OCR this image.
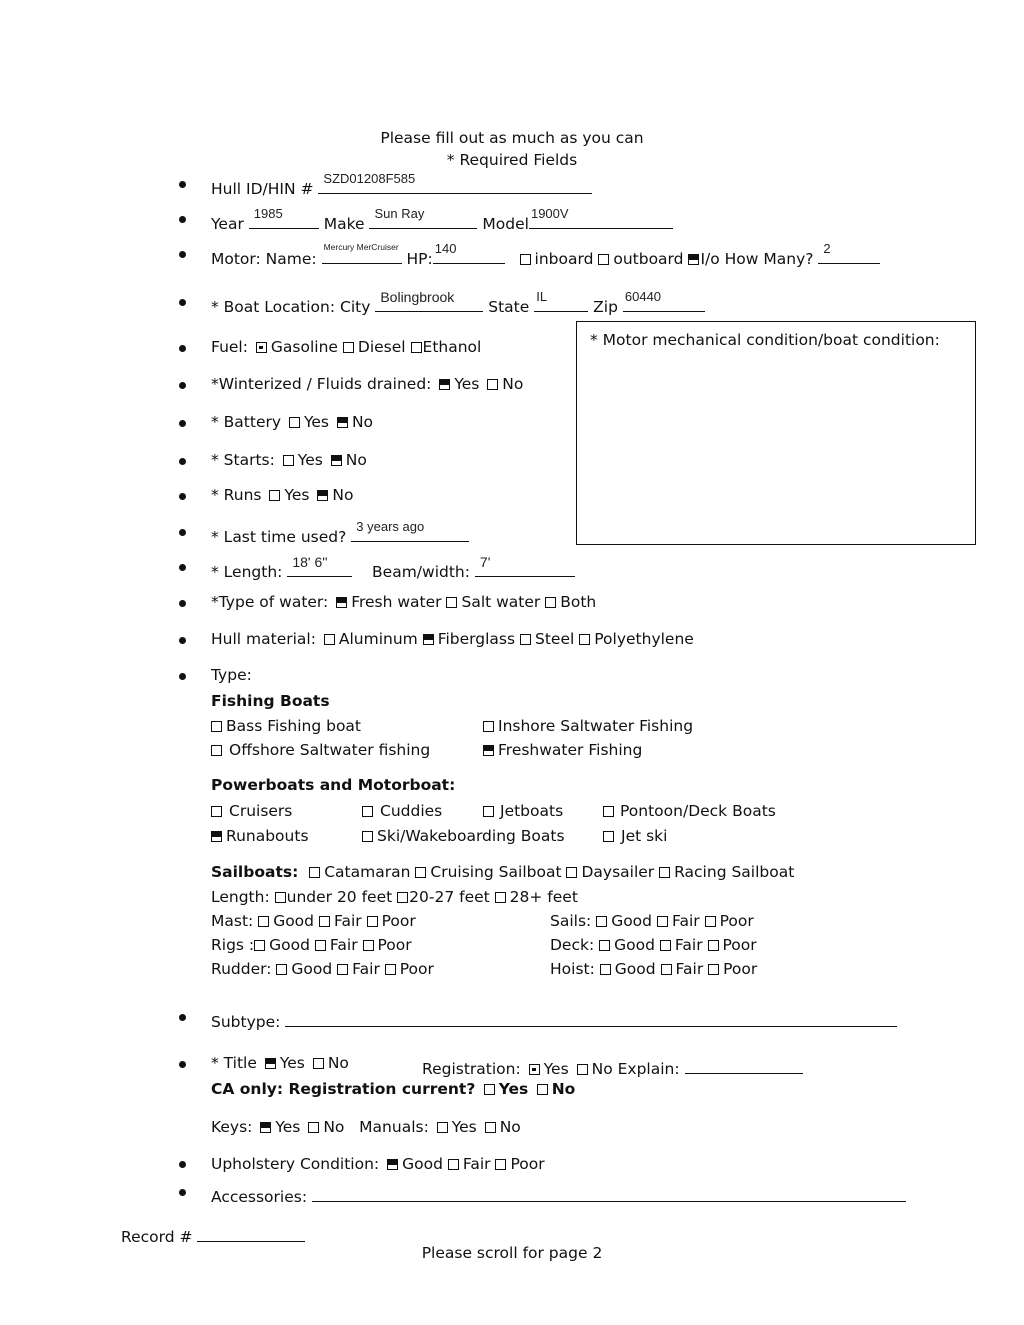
Please fill out as much as you can
* Required Fields
Hull ID/HIN #
SZD01208F585
Year
1985
Make
Sun Ray
Model
1900V
Motor: Name:
Mercury MerCruiser
HP:
140
inboard outboard I/o How Many?
2
* Boat Location: City
Bolingbrook
State
IL
Zip
60440
* Motor mechanical condition/boat condition:
Fuel: Gasoline Diesel Ethanol
*Winterized / Fluids drained: Yes No
* Battery Yes No
* Starts: Yes No
* Runs Yes No
* Last time used?
3 years ago
* Length:
18' 6''
Beam/width:
7'
*Type of water: Fresh water Salt water Both
Hull material: Aluminum Fiberglass Steel Polyethylene
Type:
Fishing Boats
Bass Fishing boat	Inshore Saltwater Fishing
Offshore Saltwater fishing	Freshwater Fishing
Powerboats and Motorboat:
Cruisers	Cuddies	Jetboats	Pontoon/Deck Boats
Runabouts	Ski/Wakeboarding Boats	Jet ski
Sailboats: Catamaran Cruising Sailboat Daysailer Racing Sailboat
Length: under 20 feet 20-27 feet 28+ feet
Mast: Good Fair Poor	Sails: Good Fair Poor
Rigs : Good Fair Poor	Deck: Good Fair Poor
Rudder: Good Fair Poor	Hoist: Good Fair Poor
Subtype:
* Title Yes No	Registration: Yes No Explain:
CA only: Registration current? Yes No
Keys: Yes No Manuals: Yes No
Upholstery Condition: Good Fair Poor
Accessories:
Record #
Please scroll for page 2
